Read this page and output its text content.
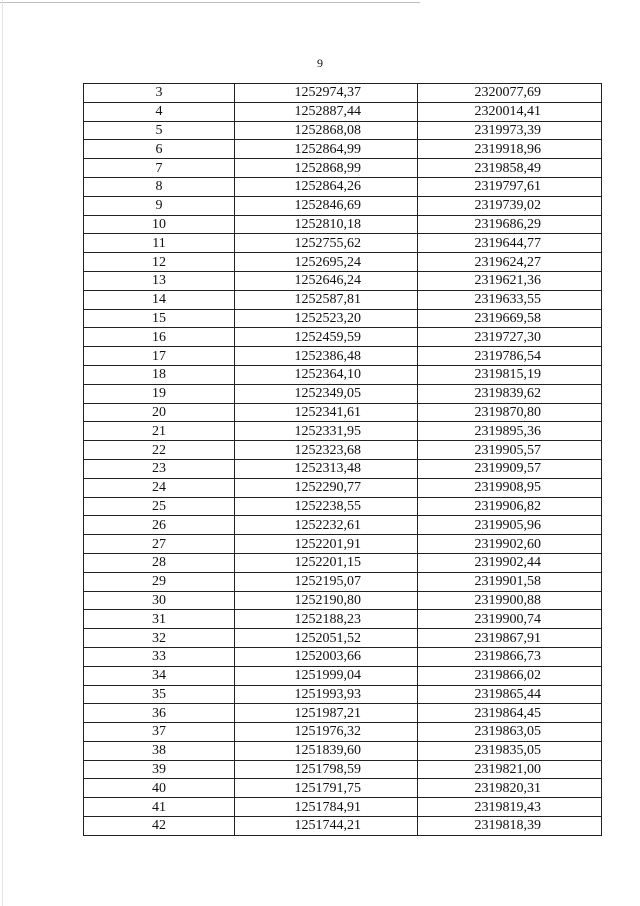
9
3	1252974,37	2320077,69
4	1252887,44	2320014,41
5	1252868,08	2319973,39
6	1252864,99	2319918,96
7	1252868,99	2319858,49
8	1252864,26	2319797,61
9	1252846,69	2319739,02
10	1252810,18	2319686,29
11	1252755,62	2319644,77
12	1252695,24	2319624,27
13	1252646,24	2319621,36
14	1252587,81	2319633,55
15	1252523,20	2319669,58
16	1252459,59	2319727,30
17	1252386,48	2319786,54
18	1252364,10	2319815,19
19	1252349,05	2319839,62
20	1252341,61	2319870,80
21	1252331,95	2319895,36
22	1252323,68	2319905,57
23	1252313,48	2319909,57
24	1252290,77	2319908,95
25	1252238,55	2319906,82
26	1252232,61	2319905,96
27	1252201,91	2319902,60
28	1252201,15	2319902,44
29	1252195,07	2319901,58
30	1252190,80	2319900,88
31	1252188,23	2319900,74
32	1252051,52	2319867,91
33	1252003,66	2319866,73
34	1251999,04	2319866,02
35	1251993,93	2319865,44
36	1251987,21	2319864,45
37	1251976,32	2319863,05
38	1251839,60	2319835,05
39	1251798,59	2319821,00
40	1251791,75	2319820,31
41	1251784,91	2319819,43
42	1251744,21	2319818,39
